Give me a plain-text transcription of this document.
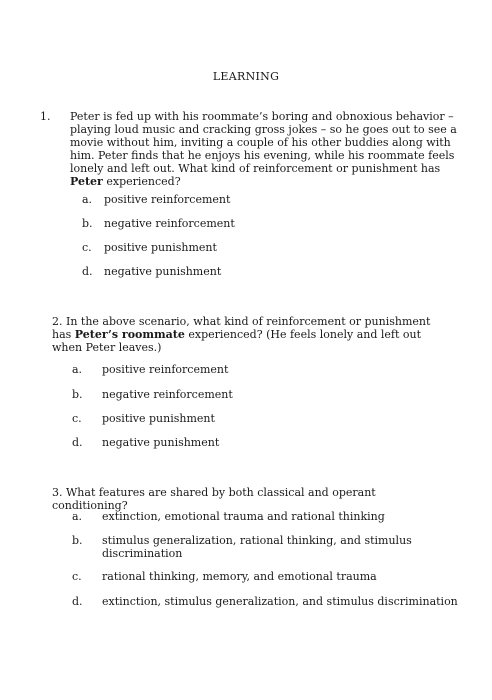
LEARNING
1. Peter is fed up with his roommate’s boring and obnoxious behavior – playing loud music and cracking gross jokes – so he goes out to see a movie without him, inviting a couple of his other buddies along with him. Peter finds that he enjoys his evening, while his roommate feels lonely and left out. What kind of reinforcement or punishment has Peter experienced?
a. positive reinforcement
b. negative reinforcement
c. positive punishment
d. negative punishment
2. In the above scenario, what kind of reinforcement or punishment has Peter’s roommate experienced? (He feels lonely and left out when Peter leaves.)
a. positive reinforcement
b. negative reinforcement
c. positive punishment
d. negative punishment
3. What features are shared by both classical and operant conditioning?
a. extinction, emotional trauma and rational thinking
b. stimulus generalization, rational thinking, and stimulus discrimination
c. rational thinking, memory, and emotional trauma
d. extinction, stimulus generalization, and stimulus discrimination
